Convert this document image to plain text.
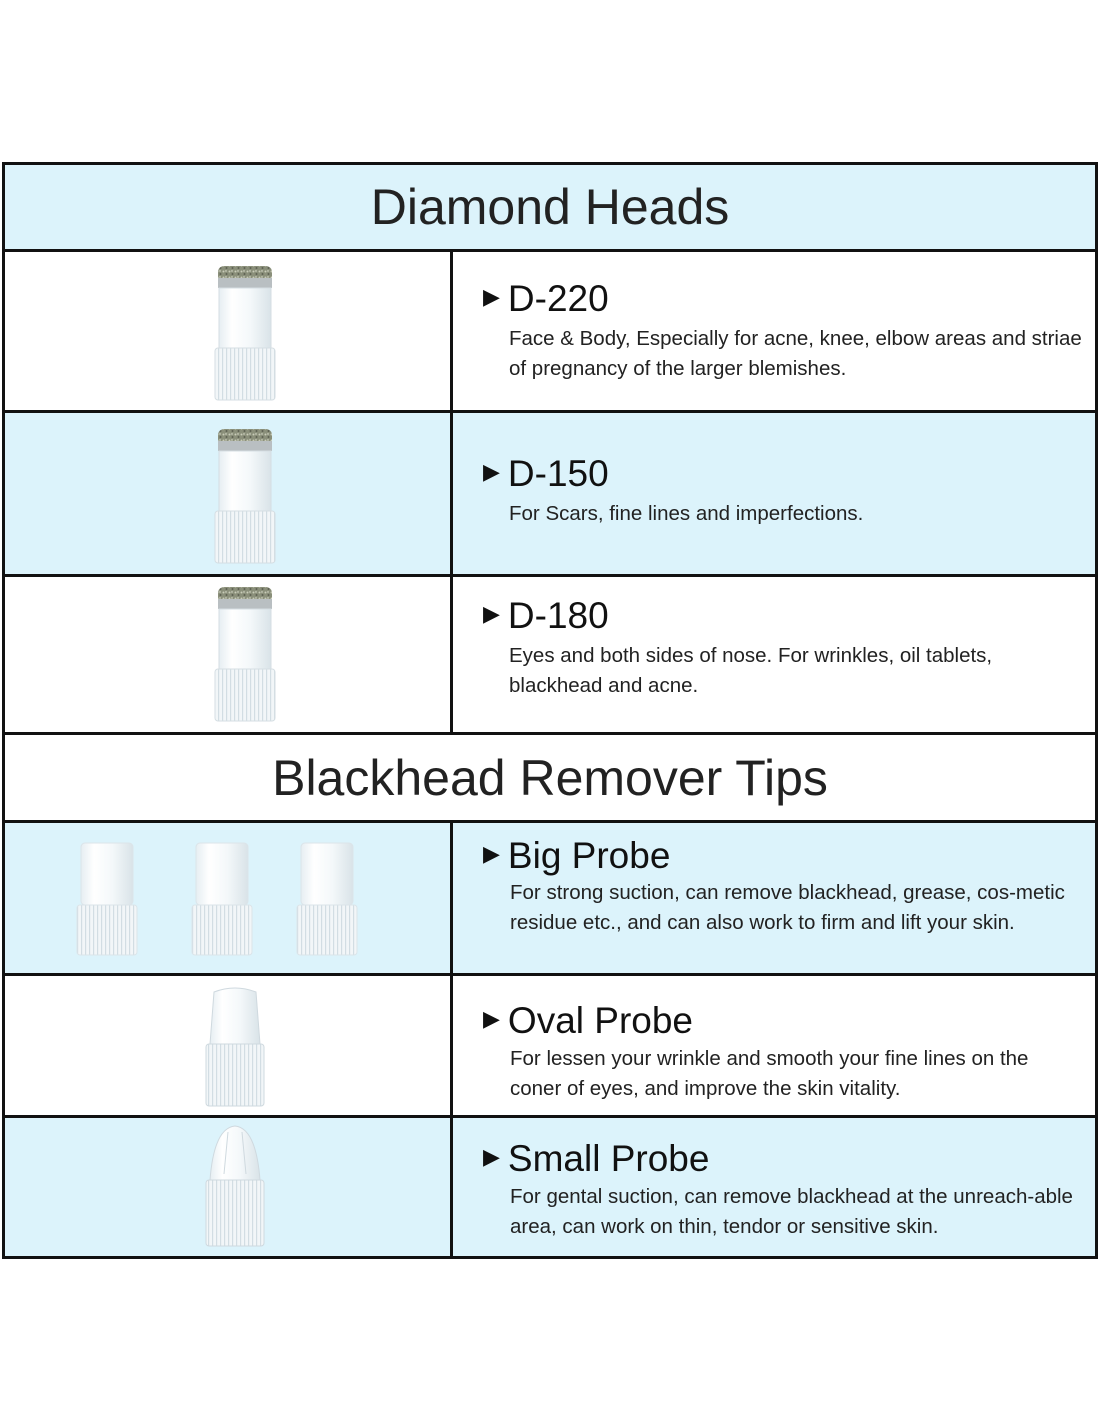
Diamond Heads
▶ D-220
Face & Body, Especially for acne, knee, elbow areas and striae of pregnancy of the larger blemishes.
▶ D-150
For Scars, fine lines and imperfections.
▶ D-180
Eyes and both sides of nose. For wrinkles, oil tablets, blackhead and acne.
Blackhead Remover Tips
▶ Big Probe
For strong suction, can remove blackhead, grease, cos-metic residue etc., and can also work to firm and lift your skin.
▶ Oval Probe
For lessen your wrinkle and smooth your fine lines on the coner of eyes, and improve the skin vitality.
▶ Small Probe
For gental suction, can remove blackhead at the unreach-able area, can work on thin, tendor or sensitive skin.
